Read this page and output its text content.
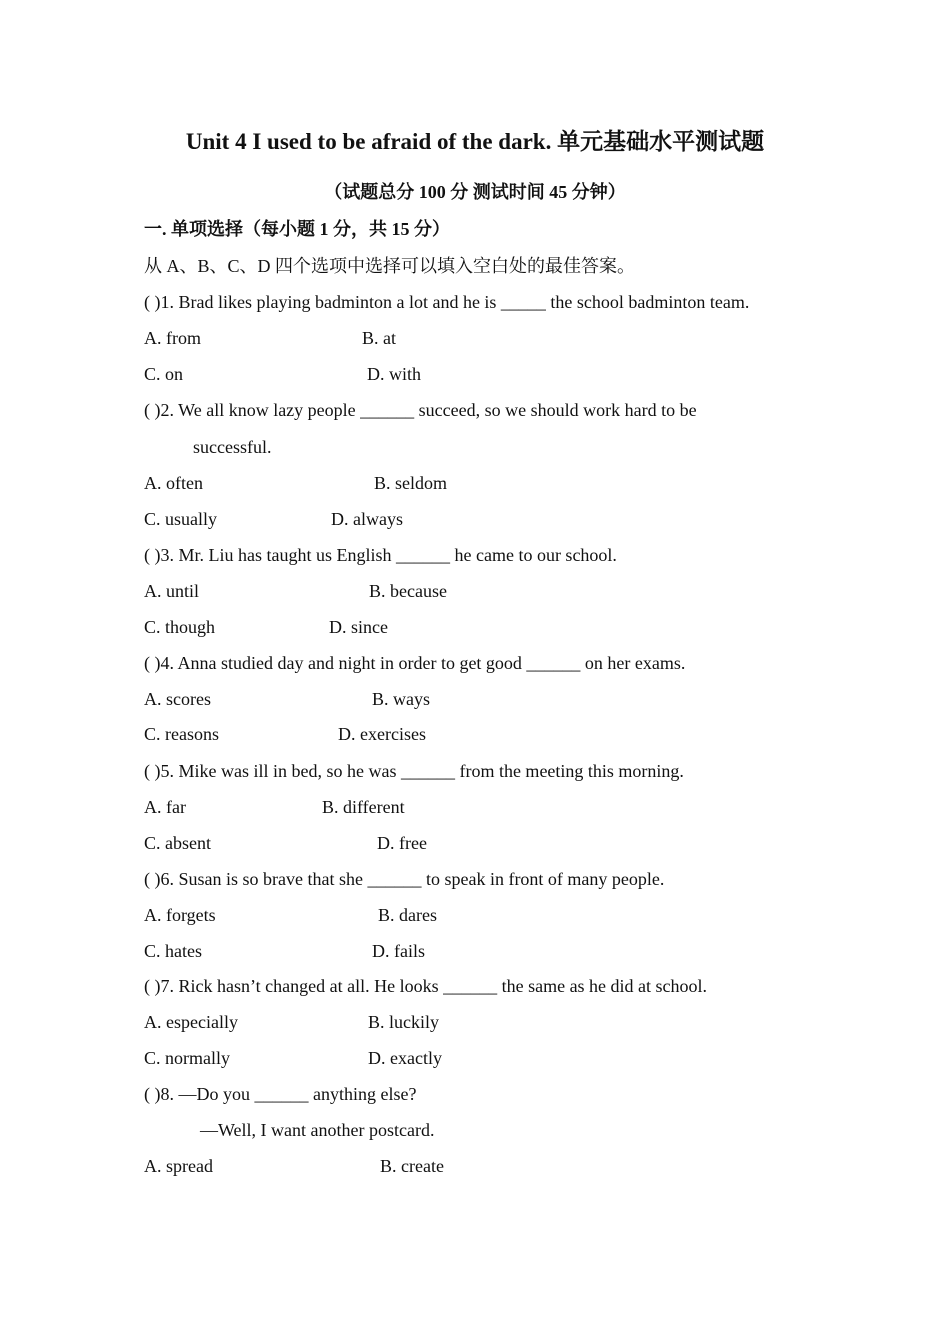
Unit 4 I used to be afraid of the dark. 单元基础水平测试题
（试题总分 100 分 测试时间 45 分钟）
一. 单项选择（每小题 1 分，共 15 分）
从 A、B、C、D 四个选项中选择可以填入空白处的最佳答案。
( )1. Brad likes playing badminton a lot and he is _____ the school badminton team.
A. from	B. at
C. on	D. with
( )2. We all know lazy people ______ succeed, so we should work hard to be
successful.
A. often	B. seldom
C. usually	D. always
( )3. Mr. Liu has taught us English ______ he came to our school.
A. until	B. because
C. though	D. since
( )4. Anna studied day and night in order to get good ______ on her exams.
A. scores	B. ways
C. reasons	D. exercises
( )5. Mike was ill in bed, so he was ______ from the meeting this morning.
A. far	B. different
C. absent	D. free
( )6. Susan is so brave that she ______ to speak in front of many people.
A. forgets	B. dares
C. hates	D. fails
( )7. Rick hasn’t changed at all. He looks ______ the same as he did at school.
A. especially	B. luckily
C. normally	D. exactly
( )8. —Do you ______ anything else?
—Well, I want another postcard.
A. spread	B. create
